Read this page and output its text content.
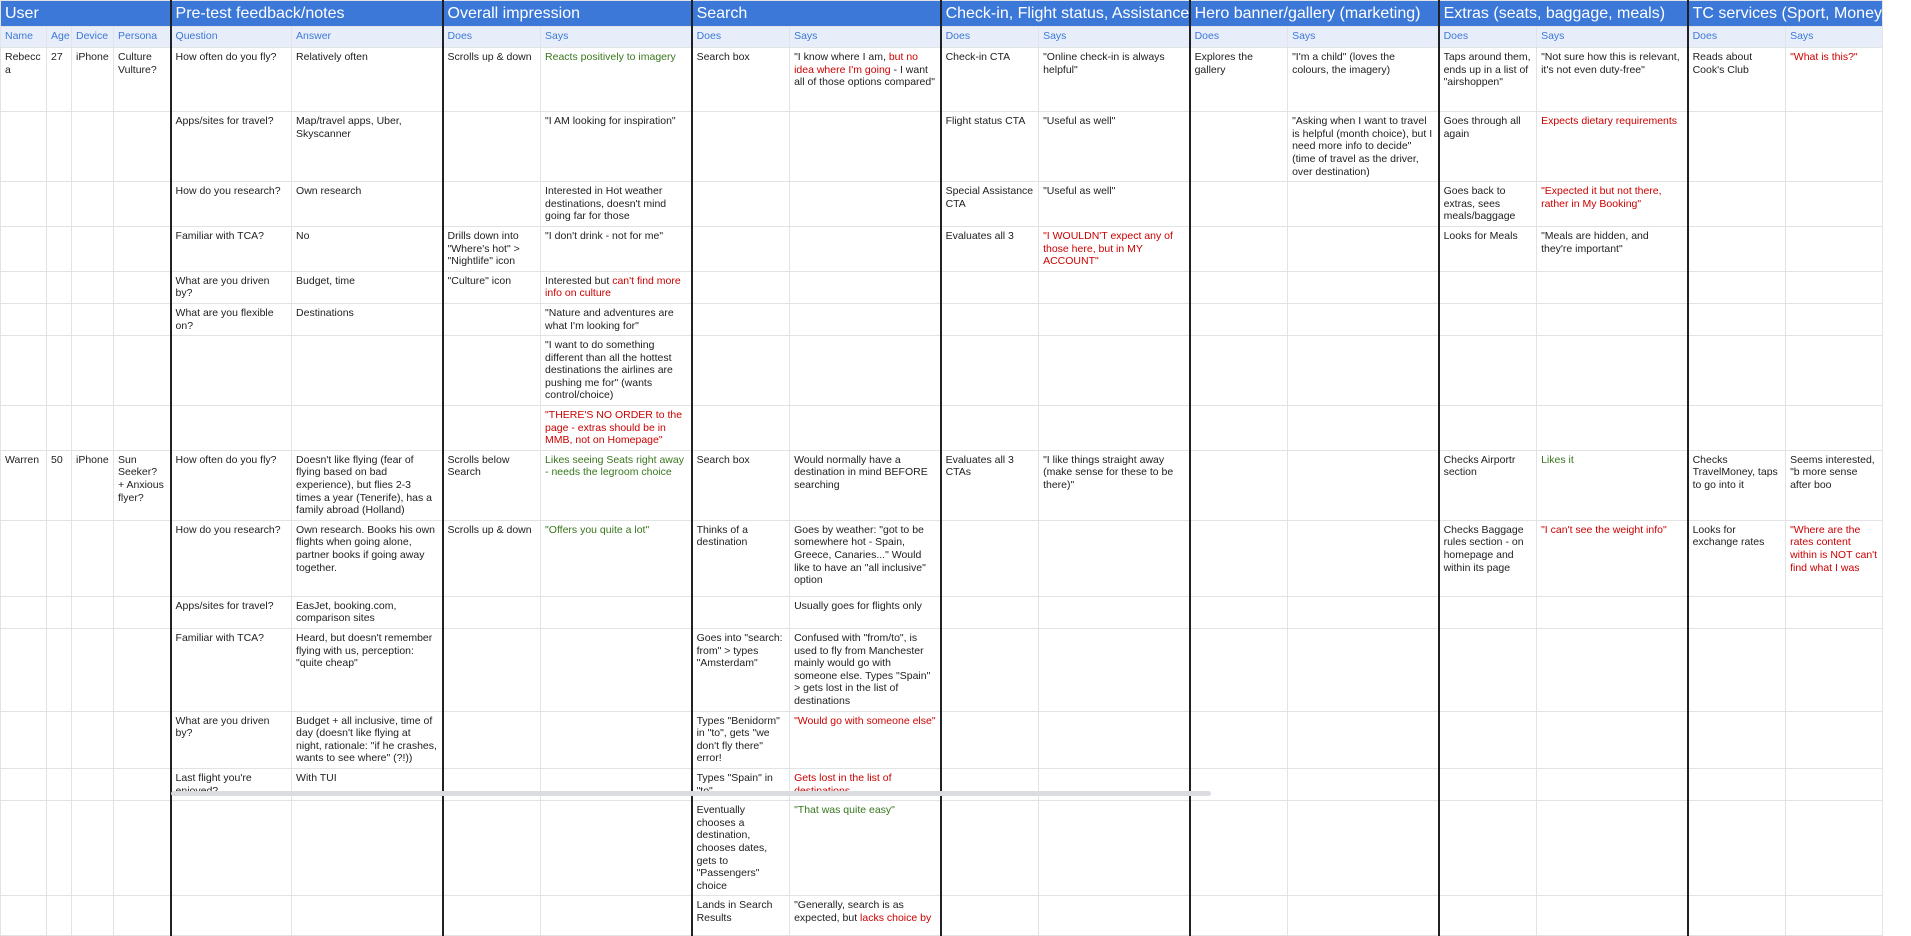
User				Pre-test feedback/notes		Overall impression		Search		Check-in, Flight status, Assistance		Hero banner/gallery (marketing)		Extras (seats, baggage, meals)		TC services (Sport, Money, etc	
Name	Age	Device	Persona	Question	Answer	Does	Says	Does	Says	Does	Says	Does	Says	Does	Says	Does	Says
Rebecca	27	iPhone	Culture Vulture?	How often do you fly?	Relatively often	Scrolls up & down	Reacts positively to imagery	Search box	"I know where I am, but no idea where I'm going - I want all of those options compared"	Check-in CTA	"Online check-in is always helpful"	Explores the gallery	"I'm a child" (loves the colours, the imagery)	Taps around them, ends up in a list of "airshoppen"	"Not sure how this is relevant, it's not even duty-free"	Reads about Cook's Club	"What is this?"
				Apps/sites for travel?	Map/travel apps, Uber, Skyscanner		"I AM looking for inspiration"			Flight status CTA	"Useful as well"		"Asking when I want to travel is helpful (month choice), but I need more info to decide" (time of travel as the driver, over destination)	Goes through all again	Expects dietary requirements		
				How do you research?	Own research		Interested in Hot weather destinations, doesn't mind going far for those			Special Assistance CTA	"Useful as well"			Goes back to extras, sees meals/baggage	"Expected it but not there, rather in My Booking"		
				Familiar with TCA?	No	Drills down into "Where's hot" > "Nightlife" icon	"I don't drink - not for me"			Evaluates all 3	"I WOULDN'T expect any of those here, but in MY ACCOUNT"			Looks for Meals	"Meals are hidden, and they're important"		
				What are you driven by?	Budget, time	"Culture" icon	Interested but can't find more info on culture										
				What are you flexible on?	Destinations		"Nature and adventures are what I'm looking for"										
							"I want to do something different than all the hottest destinations the airlines are pushing me for" (wants control/choice)										
							"THERE'S NO ORDER to the page - extras should be in MMB, not on Homepage"										
Warren	50	iPhone	Sun Seeker? + Anxious flyer?	How often do you fly?	Doesn't like flying (fear of flying based on bad experience), but flies 2-3 times a year (Tenerife), has a family abroad (Holland)	Scrolls below Search	Likes seeing Seats right away - needs the legroom choice	Search box	Would normally have a destination in mind BEFORE searching	Evaluates all 3 CTAs	"I like things straight away (make sense for these to be there)"			Checks Airportr section	Likes it	Checks TravelMoney, taps to go into it	Seems interested, "b more sense after boo
				How do you research?	Own research. Books his own flights when going alone, partner books if going away together.	Scrolls up & down	"Offers you quite a lot"	Thinks of a destination	Goes by weather: "got to be somewhere hot - Spain, Greece, Canaries..." Would like to have an "all inclusive" option					Checks Baggage rules section - on homepage and within its page	"I can't see the weight info"	Looks for exchange rates	"Where are the rates content within is NOT can't find what I was
				Apps/sites for travel?	EasJet, booking.com, comparison sites				Usually goes for flights only								
				Familiar with TCA?	Heard, but doesn't remember flying with us, perception: "quite cheap"			Goes into "search: from" > types "Amsterdam"	Confused with "from/to", is used to fly from Manchester mainly would go with someone else. Types "Spain" > gets lost in the list of destinations								
				What are you driven by?	Budget + all inclusive, time of day (doesn't like flying at night, rationale: "if he crashes, wants to see where" (?!))			Types "Benidorm" in "to", gets "we don't fly there" error!	"Would go with someone else"								
				Last flight you're	With TUI			Types "Spain" in	Gets lost in the list of								
								Eventually chooses a destination, chooses dates, gets to "Passengers" choice	"That was quite easy"								
								Lands in Search Results	"Generally, search is as expected, but lacks choice by								
